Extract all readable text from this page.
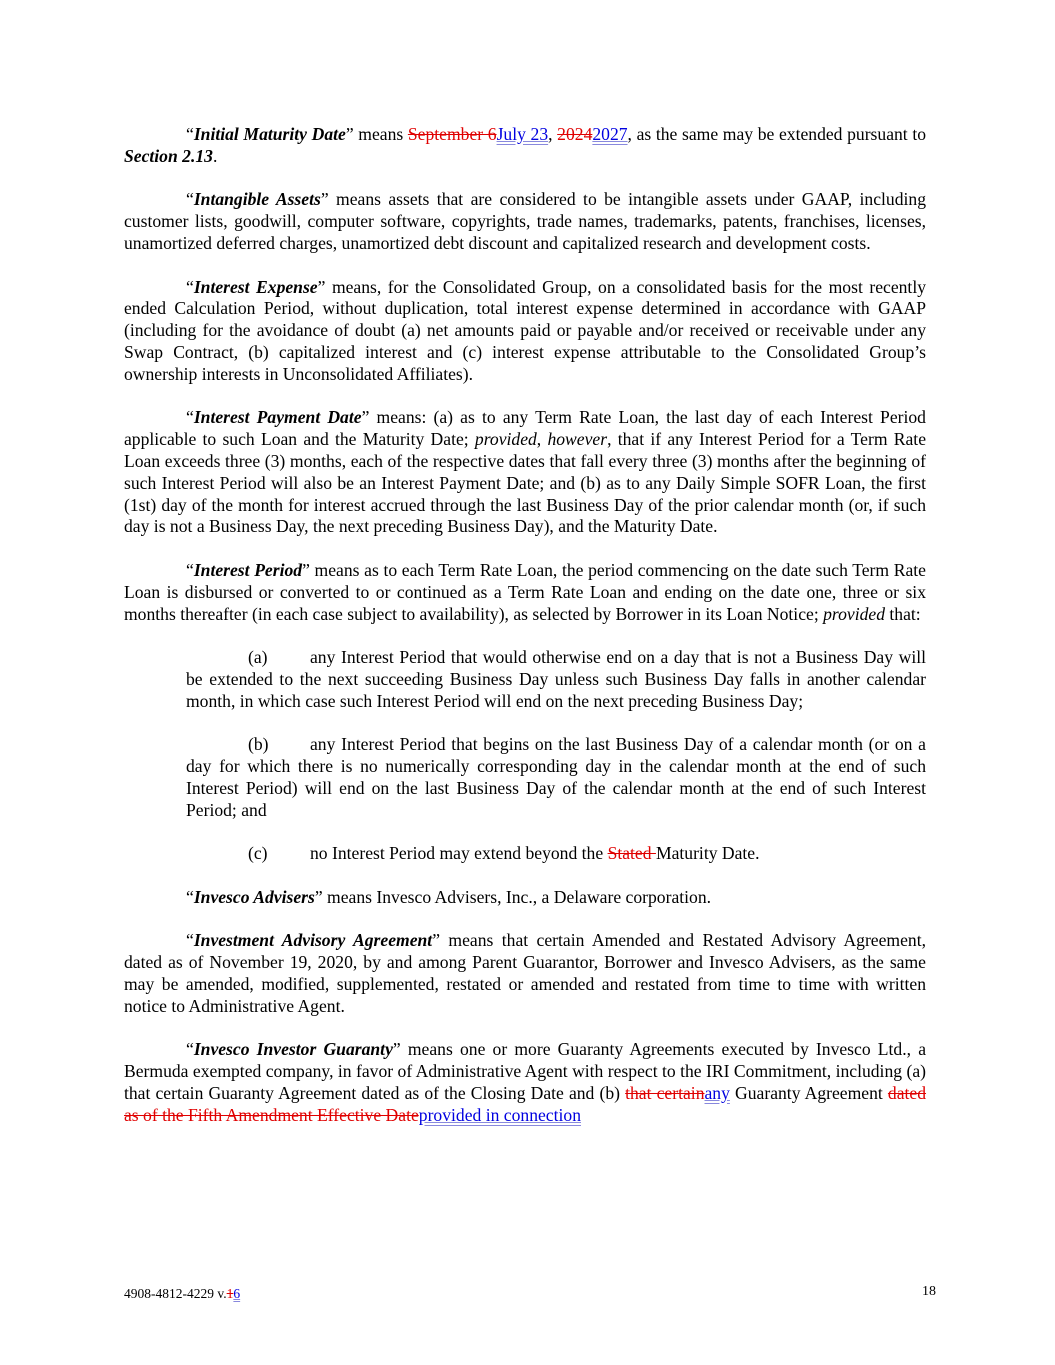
“Initial Maturity Date” means September 6July 23, 20242027, as the same may be extended pursuant to Section 2.13.

“Intangible Assets” means assets that are considered to be intangible assets under GAAP, including customer lists, goodwill, computer software, copyrights, trade names, trademarks, patents, franchises, licenses, unamortized deferred charges, unamortized debt discount and capitalized research and development costs.

“Interest Expense” means, for the Consolidated Group, on a consolidated basis for the most recently ended Calculation Period, without duplication, total interest expense determined in accordance with GAAP (including for the avoidance of doubt (a) net amounts paid or payable and/or received or receivable under any Swap Contract, (b) capitalized interest and (c) interest expense attributable to the Consolidated Group’s ownership interests in Unconsolidated Affiliates).

“Interest Payment Date” means: (a) as to any Term Rate Loan, the last day of each Interest Period applicable to such Loan and the Maturity Date; provided, however, that if any Interest Period for a Term Rate Loan exceeds three (3) months, each of the respective dates that fall every three (3) months after the beginning of such Interest Period will also be an Interest Payment Date; and (b) as to any Daily Simple SOFR Loan, the first (1st) day of the month for interest accrued through the last Business Day of the prior calendar month (or, if such day is not a Business Day, the next preceding Business Day), and the Maturity Date.

“Interest Period” means as to each Term Rate Loan, the period commencing on the date such Term Rate Loan is disbursed or converted to or continued as a Term Rate Loan and ending on the date one, three or six months thereafter (in each case subject to availability), as selected by Borrower in its Loan Notice; provided that:

(a) any Interest Period that would otherwise end on a day that is not a Business Day will be extended to the next succeeding Business Day unless such Business Day falls in another calendar month, in which case such Interest Period will end on the next preceding Business Day;

(b) any Interest Period that begins on the last Business Day of a calendar month (or on a day for which there is no numerically corresponding day in the calendar month at the end of such Interest Period) will end on the last Business Day of the calendar month at the end of such Interest Period; and

(c) no Interest Period may extend beyond the Stated Maturity Date.

“Invesco Advisers” means Invesco Advisers, Inc., a Delaware corporation.

“Investment Advisory Agreement” means that certain Amended and Restated Advisory Agreement, dated as of November 19, 2020, by and among Parent Guarantor, Borrower and Invesco Advisers, as the same may be amended, modified, supplemented, restated or amended and restated from time to time with written notice to Administrative Agent.

“Invesco Investor Guaranty” means one or more Guaranty Agreements executed by Invesco Ltd., a Bermuda exempted company, in favor of Administrative Agent with respect to the IRI Commitment, including (a) that certain Guaranty Agreement dated as of the Closing Date and (b) that certainany Guaranty Agreement dated as of the Fifth Amendment Effective Dateprovided in connection

4908-4812-4229 v.16	18
